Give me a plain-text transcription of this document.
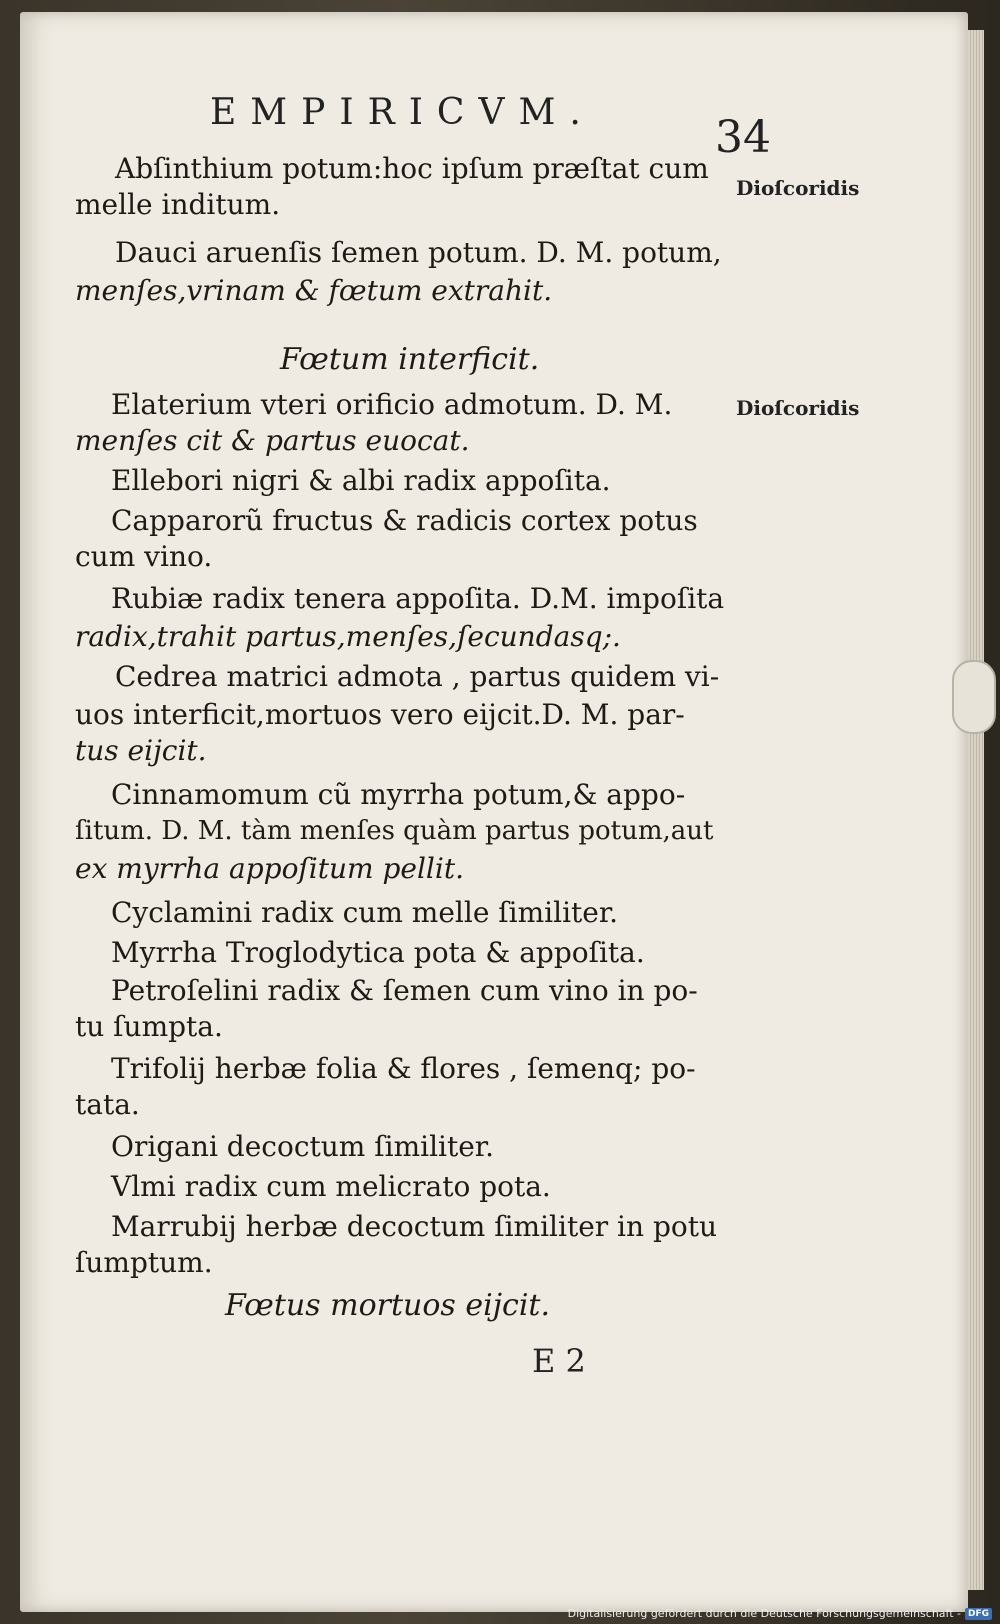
EMPIRICVM.	34
Abſinthium potum:hoc ipſum præſtat cum
melle inditum.
Dauci aruenſis ſemen potum. D. M. potum,
menſes,vrinam & fœtum extrahit.
Fœtum interficit.
Elaterium vteri orificio admotum. D. M.
menſes cit & partus euocat.
Ellebori nigri & albi radix appoſita.
Capparorũ fructus & radicis cortex potus
cum vino.
Rubiæ radix tenera appoſita. D.M. impoſita
radix,trahit partus,menſes,ſecundasq;.
Cedrea matrici admota , partus quidem vi-
uos interficit,mortuos vero eijcit.D. M. par-
tus eijcit.
Cinnamomum cũ myrrha potum,& appo-
ſitum. D. M. tàm menſes quàm partus potum,aut
ex myrrha appoſitum pellit.
Cyclamini radix cum melle ſimiliter.
Myrrha Troglodytica pota & appoſita.
Petroſelini radix & ſemen cum vino in po-
tu ſumpta.
Trifolij herbæ folia & flores , ſemenq; po-
tata.
Origani decoctum ſimiliter.
Vlmi radix cum melicrato pota.
Marrubij herbæ decoctum ſimiliter in potu
ſumptum.
Fœtus mortuos eijcit.
Dioſcoridis
Dioſcoridis
E 2
Digitalisierung gefördert durch die Deutsche Forschungsgemeinschaft - DFG
